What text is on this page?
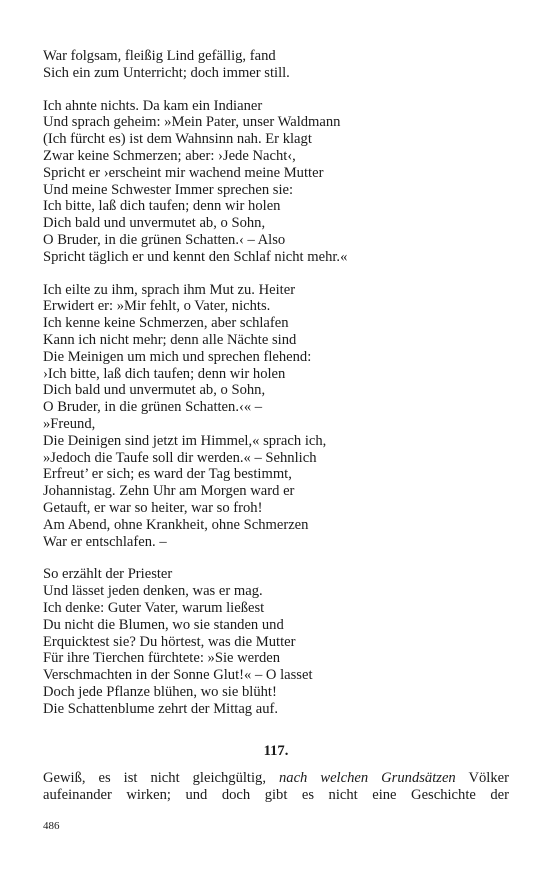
War folgsam, fleißig Lind gefällig, fand
Sich ein zum Unterricht; doch immer still.
Ich ahnte nichts. Da kam ein Indianer
Und sprach geheim: »Mein Pater, unser Waldmann
(Ich fürcht es) ist dem Wahnsinn nah. Er klagt
Zwar keine Schmerzen; aber: ›Jede Nacht‹,
Spricht er ›erscheint mir wachend meine Mutter
Und meine Schwester Immer sprechen sie:
Ich bitte, laß dich taufen; denn wir holen
Dich bald und unvermutet ab, o Sohn,
O Bruder, in die grünen Schatten.‹ – Also
Spricht täglich er und kennt den Schlaf nicht mehr.«
Ich eilte zu ihm, sprach ihm Mut zu. Heiter
Erwidert er: »Mir fehlt, o Vater, nichts.
Ich kenne keine Schmerzen, aber schlafen
Kann ich nicht mehr; denn alle Nächte sind
Die Meinigen um mich und sprechen flehend:
›Ich bitte, laß dich taufen; denn wir holen
Dich bald und unvermutet ab, o Sohn,
O Bruder, in die grünen Schatten.‹« –
»Freund,
Die Deinigen sind jetzt im Himmel,« sprach ich,
»Jedoch die Taufe soll dir werden.« – Sehnlich
Erfreut’ er sich; es ward der Tag bestimmt,
Johannistag. Zehn Uhr am Morgen ward er
Getauft, er war so heiter, war so froh!
Am Abend, ohne Krankheit, ohne Schmerzen
War er entschlafen. –
So erzählt der Priester
Und lässet jeden denken, was er mag.
Ich denke: Guter Vater, warum ließest
Du nicht die Blumen, wo sie standen und
Erquicktest sie? Du hörtest, was die Mutter
Für ihre Tierchen fürchtete: »Sie werden
Verschmachten in der Sonne Glut!« – O lasset
Doch jede Pflanze blühen, wo sie blüht!
Die Schattenblume zehrt der Mittag auf.
117.
Gewiß, es ist nicht gleichgültig, nach welchen Grundsätzen Völker
aufeinander wirken; und doch gibt es nicht eine Geschichte der
486
